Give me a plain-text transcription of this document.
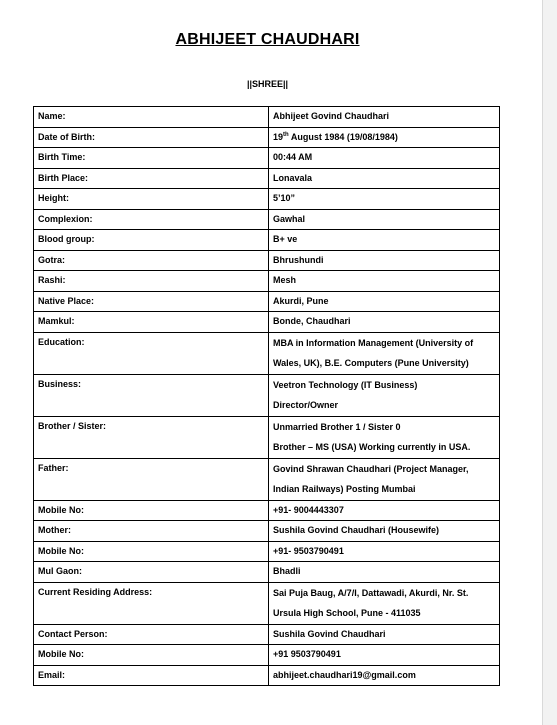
ABHIJEET CHAUDHARI
||SHREE||
Name:	Abhijeet Govind Chaudhari

Date of Birth:	19th August 1984 (19/08/1984)

Birth Time:	00:44 AM

Birth Place:	Lonavala

Height:	5’10”

Complexion:	Gawhal

Blood group:	B+ ve

Gotra:	Bhrushundi

Rashi:	Mesh

Native Place:	Akurdi, Pune

Mamkul:	Bonde, Chaudhari

Education:	MBA in Information Management (University of
Wales, UK), B.E. Computers (Pune University)

Business:	Veetron Technology (IT Business)
Director/Owner

Brother / Sister:	Unmarried Brother 1 / Sister 0
Brother – MS (USA) Working currently in USA.

Father:	Govind Shrawan Chaudhari (Project Manager,
Indian Railways) Posting Mumbai

Mobile No:	+91- 9004443307

Mother:	Sushila Govind Chaudhari (Housewife)

Mobile No:	+91- 9503790491

Mul Gaon:	Bhadli

Current Residing Address:	Sai Puja Baug, A/7/I, Dattawadi, Akurdi, Nr. St.
Ursula High School, Pune - 411035

Contact Person:	Sushila Govind Chaudhari

Mobile No:	+91 9503790491

Email:	abhijeet.chaudhari19@gmail.com
